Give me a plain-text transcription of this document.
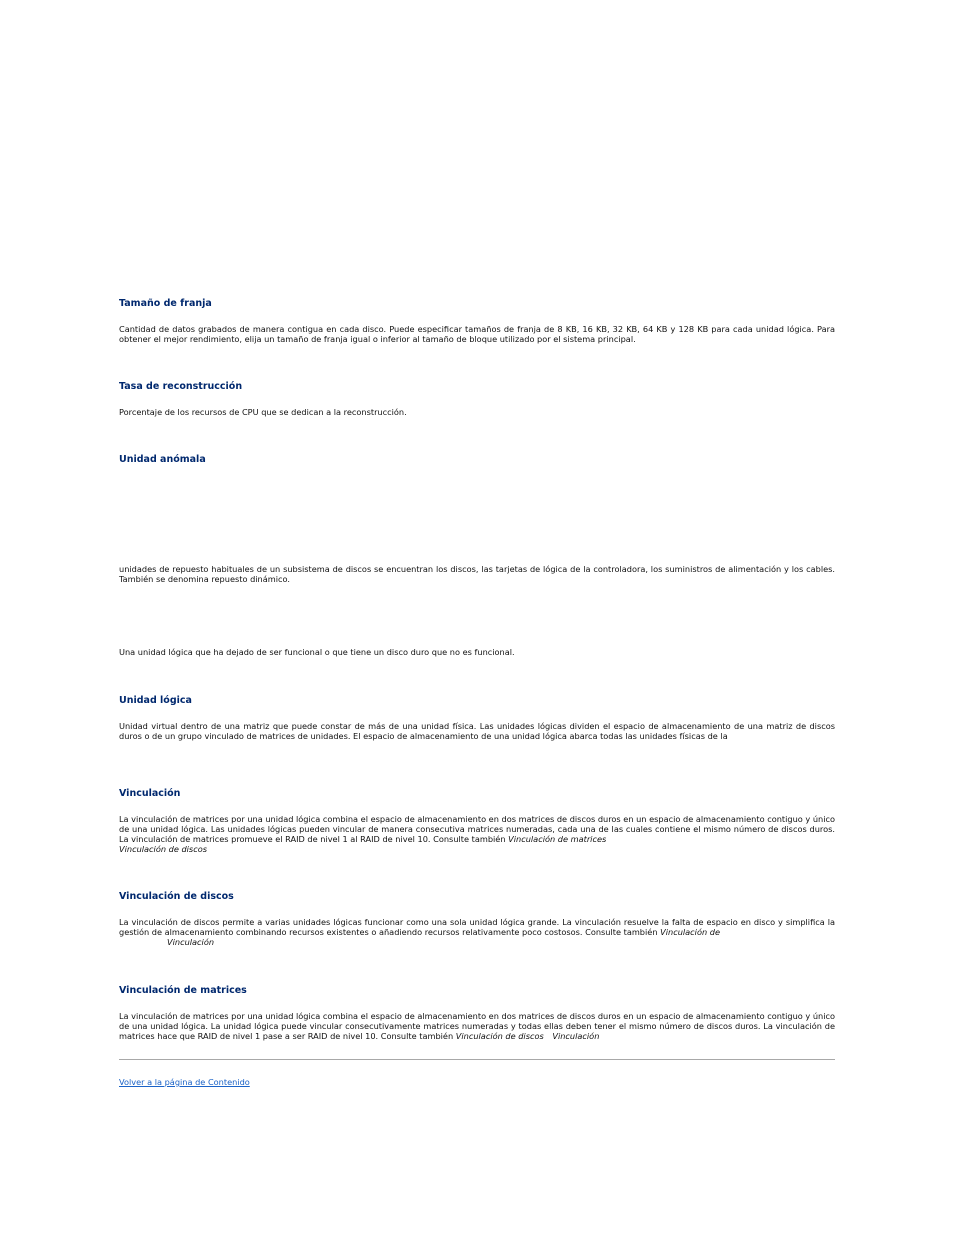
Tamaño de franja

Cantidad de datos grabados de manera contigua en cada disco. Puede especificar tamaños de franja de 8 KB, 16 KB, 32 KB, 64 KB y 128 KB para cada unidad lógica. Para obtener el mejor rendimiento, elija un tamaño de franja igual o inferior al tamaño de bloque utilizado por el sistema principal.

Tasa de reconstrucción

Porcentaje de los recursos de CPU que se dedican a la reconstrucción.

Unidad anómala

unidades de repuesto habituales de un subsistema de discos se encuentran los discos, las tarjetas de lógica de la controladora, los suministros de alimentación y los cables. También se denomina repuesto dinámico.

Una unidad lógica que ha dejado de ser funcional o que tiene un disco duro que no es funcional.

Unidad lógica

Unidad virtual dentro de una matriz que puede constar de más de una unidad física. Las unidades lógicas dividen el espacio de almacenamiento de una matriz de discos duros o de un grupo vinculado de matrices de unidades. El espacio de almacenamiento de una unidad lógica abarca todas las unidades físicas de la

Vinculación

La vinculación de matrices por una unidad lógica combina el espacio de almacenamiento en dos matrices de discos duros en un espacio de almacenamiento contiguo y único de una unidad lógica. Las unidades lógicas pueden vincular de manera consecutiva matrices numeradas, cada una de las cuales contiene el mismo número de discos duros. La vinculación de matrices promueve el RAID de nivel 1 al RAID de nivel 10. Consulte también Vinculación de matrices
Vinculación de discos

Vinculación de discos

La vinculación de discos permite a varias unidades lógicas funcionar como una sola unidad lógica grande. La vinculación resuelve la falta de espacio en disco y simplifica la gestión de almacenamiento combinando recursos existentes o añadiendo recursos relativamente poco costosos. Consulte también Vinculación de
Vinculación

Vinculación de matrices

La vinculación de matrices por una unidad lógica combina el espacio de almacenamiento en dos matrices de discos duros en un espacio de almacenamiento contiguo y único de una unidad lógica. La unidad lógica puede vincular consecutivamente matrices numeradas y todas ellas deben tener el mismo número de discos duros. La vinculación de matrices hace que RAID de nivel 1 pase a ser RAID de nivel 10. Consulte también Vinculación de discos Vinculación

Volver a la página de Contenido
